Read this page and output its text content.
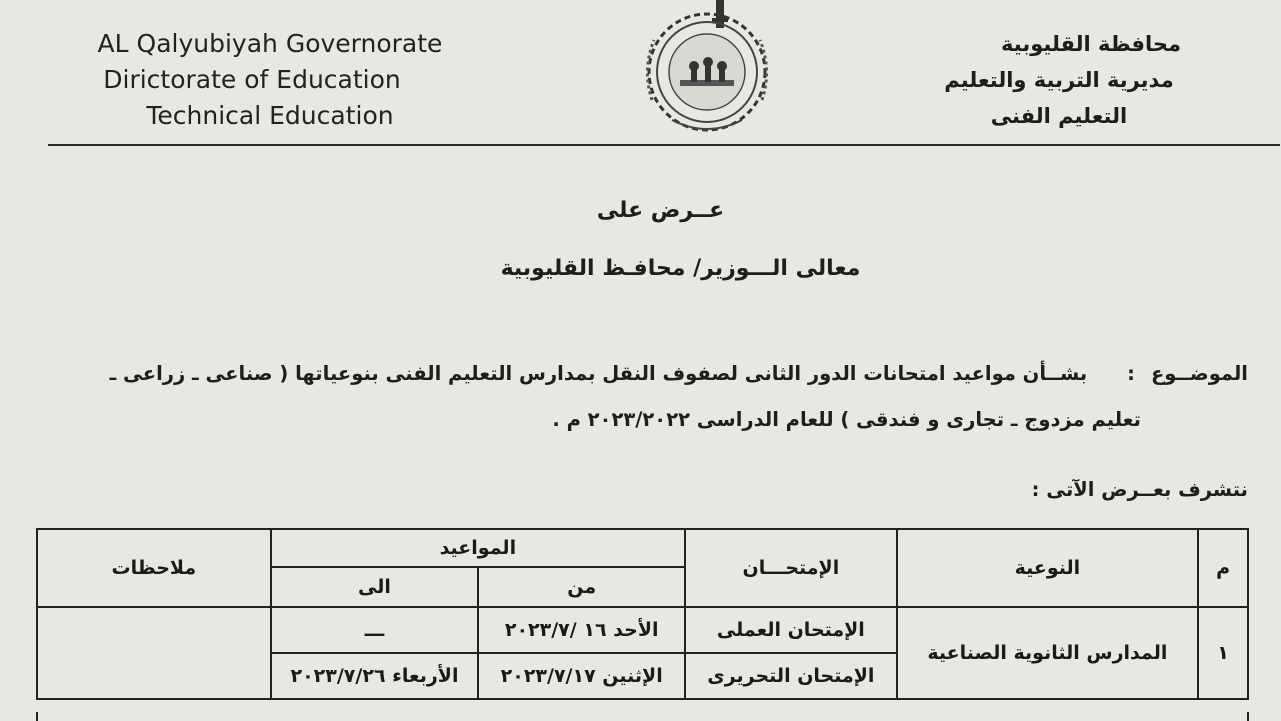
AL Qalyubiyah Governorate
Dirictorate of Education
Technical Education
محافظة القليوبية
مديرية التربية والتعليم
التعليم الفنى
عــرض على
معالى الـــوزير/ محافـظ القليوبية
الموضــوع:بشــأن مواعيد امتحانات الدور الثانى لصفوف النقل بمدارس التعليم الفنى بنوعياتها ( صناعى ـ زراعى ـ
تعليم مزدوج ـ تجارى و فندقى ) للعام الدراسى ٢٠٢٣/٢٠٢٢ م .
نتشرف بعــرض الآتى :
م	النوعية	الإمتحـــان	المواعيد		ملاحظات
			من	الى	
١	المدارس الثانوية الصناعية	الإمتحان العملى	الأحد ١٦ /٢٠٢٣/٧	ـــ	
		الإمتحان التحريرى	الإثنين ٢٠٢٣/٧/١٧	الأربعاء ٢٠٢٣/٧/٢٦	
